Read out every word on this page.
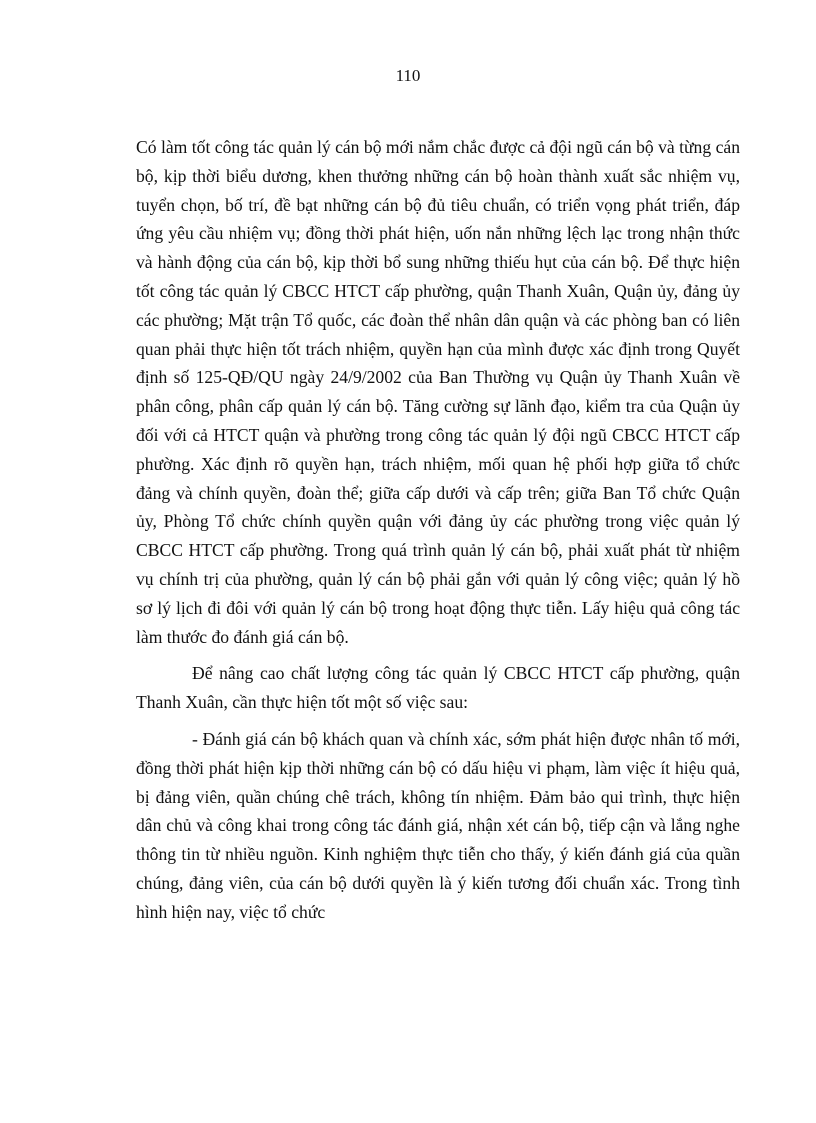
110

Có làm tốt công tác quản lý cán bộ mới nắm chắc được cả đội ngũ cán bộ và từng cán bộ, kịp thời biểu dương, khen thưởng những cán bộ hoàn thành xuất sắc nhiệm vụ, tuyển chọn, bố trí, đề bạt những cán bộ đủ tiêu chuẩn, có triển vọng phát triển, đáp ứng yêu cầu nhiệm vụ; đồng thời phát hiện, uốn nắn những lệch lạc trong nhận thức và hành động của cán bộ, kịp thời bổ sung những thiếu hụt của cán bộ. Để thực hiện tốt công tác quản lý CBCC HTCT cấp phường, quận Thanh Xuân, Quận ủy, đảng ủy các phường; Mặt trận Tổ quốc, các đoàn thể nhân dân quận và các phòng ban có liên quan phải thực hiện tốt trách nhiệm, quyền hạn của mình được xác định trong Quyết định số 125-QĐ/QU ngày 24/9/2002 của Ban Thường vụ Quận ủy Thanh Xuân về phân công, phân cấp quản lý cán bộ. Tăng cường sự lãnh đạo, kiểm tra của Quận ủy đối với cả HTCT quận và phường trong công tác quản lý đội ngũ CBCC HTCT cấp phường. Xác định rõ quyền hạn, trách nhiệm, mối quan hệ phối hợp giữa tổ chức đảng và chính quyền, đoàn thể; giữa cấp dưới và cấp trên; giữa Ban Tổ chức Quận ủy, Phòng Tổ chức chính quyền quận với đảng ủy các phường trong việc quản lý CBCC HTCT cấp phường. Trong quá trình quản lý cán bộ, phải xuất phát từ nhiệm vụ chính trị của phường, quản lý cán bộ phải gắn với quản lý công việc; quản lý hồ sơ lý lịch đi đôi với quản lý cán bộ trong hoạt động thực tiễn. Lấy hiệu quả công tác làm thước đo đánh giá cán bộ.

Để nâng cao chất lượng công tác quản lý CBCC HTCT cấp phường, quận Thanh Xuân, cần thực hiện tốt một số việc sau:

- Đánh giá cán bộ khách quan và chính xác, sớm phát hiện được nhân tố mới, đồng thời phát hiện kịp thời những cán bộ có dấu hiệu vi phạm, làm việc ít hiệu quả, bị đảng viên, quần chúng chê trách, không tín nhiệm. Đảm bảo qui trình, thực hiện dân chủ và công khai trong công tác đánh giá, nhận xét cán bộ, tiếp cận và lắng nghe thông tin từ nhiều nguồn. Kinh nghiệm thực tiễn cho thấy, ý kiến đánh giá của quần chúng, đảng viên, của cán bộ dưới quyền là ý kiến tương đối chuẩn xác. Trong tình hình hiện nay, việc tổ chức
